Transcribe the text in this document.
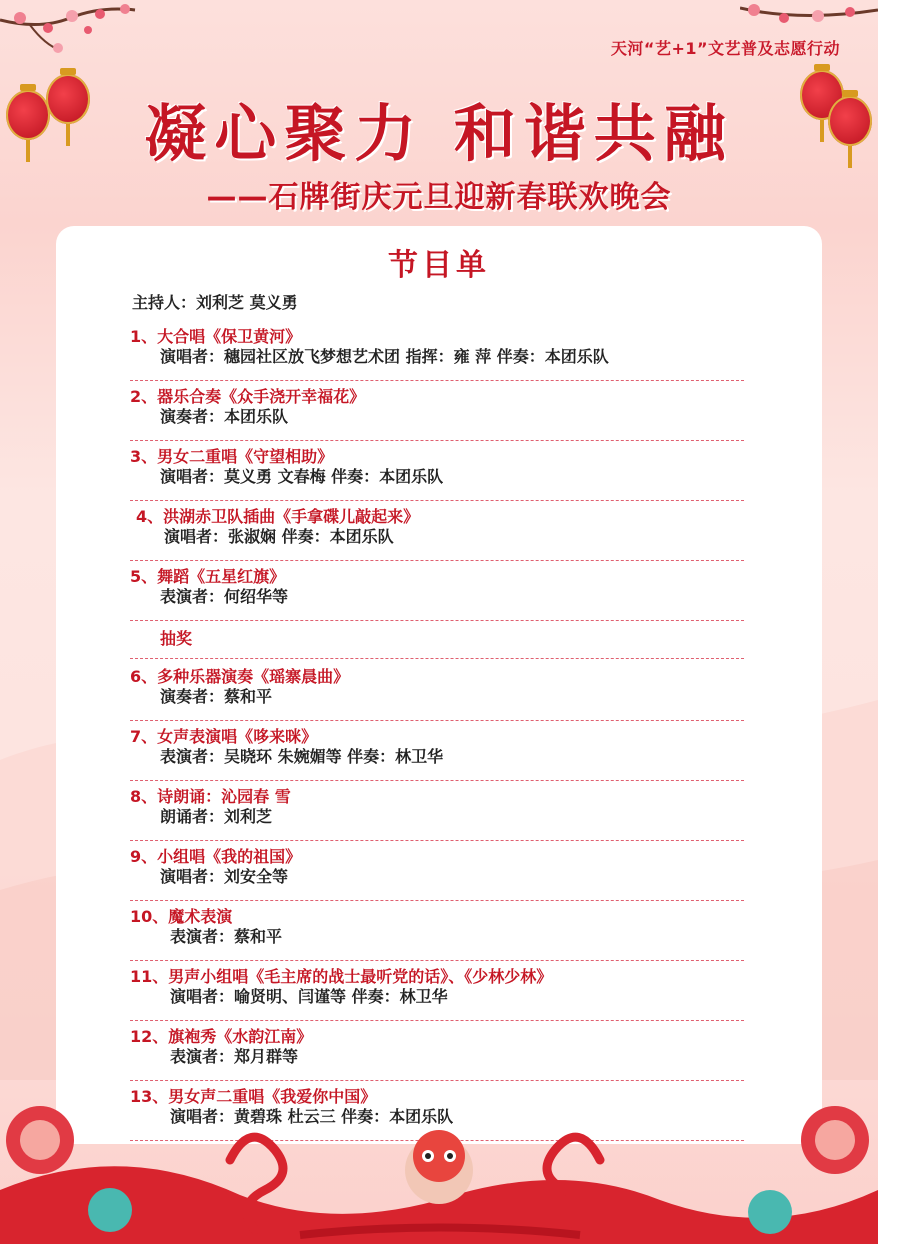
天河“艺+1”文艺普及志愿行动
凝心聚力 和谐共融
——石牌街庆元旦迎新春联欢晚会
节目单
主持人：刘利芝 莫义勇
1、大合唱《保卫黄河》
演唱者：穗园社区放飞梦想艺术团 指挥：雍 萍 伴奏：本团乐队
2、器乐合奏《众手浇开幸福花》
演奏者：本团乐队
3、男女二重唱《守望相助》
演唱者：莫义勇 文春梅 伴奏：本团乐队
4、洪湖赤卫队插曲《手拿碟儿敲起来》
演唱者：张淑娴 伴奏：本团乐队
5、舞蹈《五星红旗》
表演者：何绍华等
抽奖
6、多种乐器演奏《瑶寨晨曲》
演奏者：蔡和平
7、女声表演唱《哆来咪》
表演者：吴晓环 朱婉媚等 伴奏：林卫华
8、诗朗诵：沁园春 雪
朗诵者：刘利芝
9、小组唱《我的祖国》
演唱者：刘安全等
10、魔术表演
表演者：蔡和平
11、男声小组唱《毛主席的战士最听党的话》、《少林少林》
演唱者：喻贤明、闫谨等 伴奏：林卫华
12、旗袍秀《水韵江南》
表演者：郑月群等
13、男女声二重唱《我爱你中国》
演唱者：黄碧珠 杜云三 伴奏：本团乐队
